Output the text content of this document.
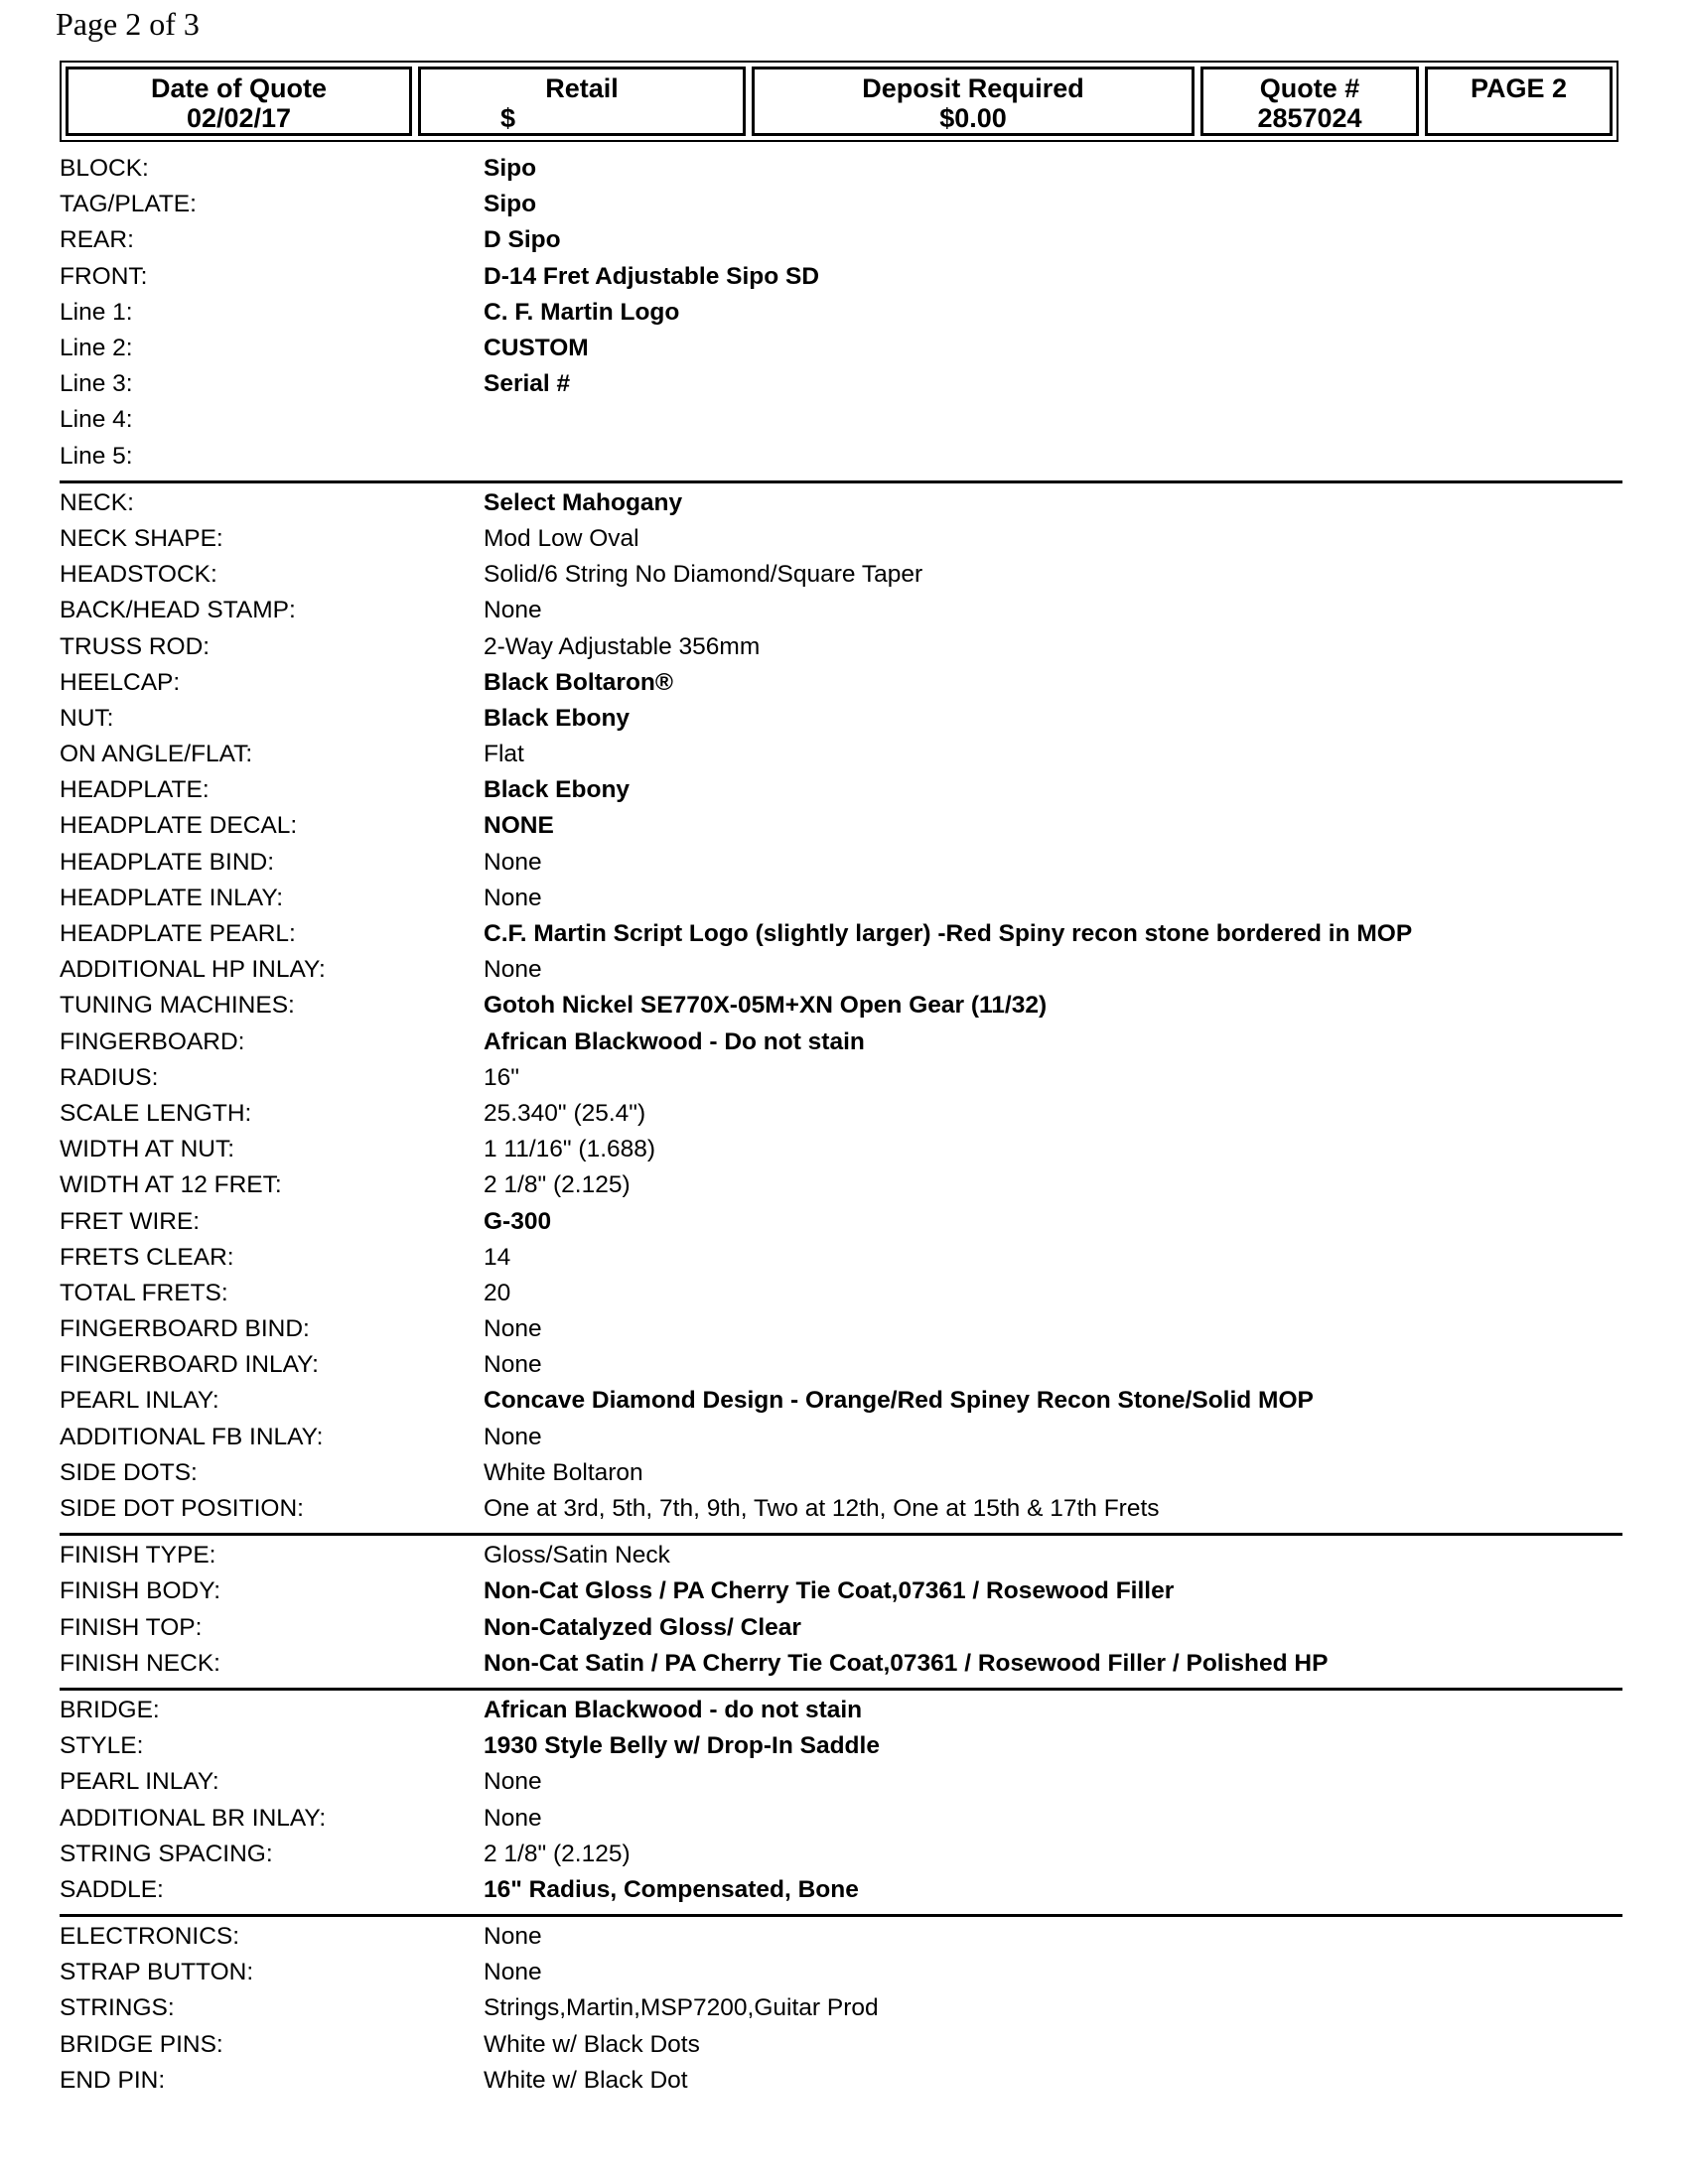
Page 2 of 3
Date of Quote
02/02/17
Retail
$
Deposit Required
$0.00
Quote #
2857024
PAGE 2
BLOCK:	Sipo
TAG/PLATE:	Sipo
REAR:	D Sipo
FRONT:	D-14 Fret Adjustable Sipo SD
Line 1:	C. F. Martin Logo
Line 2:	CUSTOM
Line 3:	Serial #
Line 4:
Line 5:
NECK:	Select Mahogany
NECK SHAPE:	Mod Low Oval
HEADSTOCK:	Solid/6 String No Diamond/Square Taper
BACK/HEAD STAMP:	None
TRUSS ROD:	2-Way Adjustable 356mm
HEELCAP:	Black Boltaron®
NUT:	Black Ebony
ON ANGLE/FLAT:	Flat
HEADPLATE:	Black Ebony
HEADPLATE DECAL:	NONE
HEADPLATE BIND:	None
HEADPLATE INLAY:	None
HEADPLATE PEARL:	C.F. Martin Script Logo (slightly larger) -Red Spiny recon stone bordered in MOP
ADDITIONAL HP INLAY:	None
TUNING MACHINES:	Gotoh Nickel SE770X-05M+XN Open Gear (11/32)
FINGERBOARD:	African Blackwood - Do not stain
RADIUS:	16"
SCALE LENGTH:	25.340" (25.4")
WIDTH AT NUT:	1 11/16" (1.688)
WIDTH AT 12 FRET:	2 1/8" (2.125)
FRET WIRE:	G-300
FRETS CLEAR:	14
TOTAL FRETS:	20
FINGERBOARD BIND:	None
FINGERBOARD INLAY:	None
PEARL INLAY:	Concave Diamond Design - Orange/Red Spiney Recon Stone/Solid MOP
ADDITIONAL FB INLAY:	None
SIDE DOTS:	White Boltaron
SIDE DOT POSITION:	One at 3rd, 5th, 7th, 9th, Two at 12th, One at 15th & 17th Frets
FINISH TYPE:	Gloss/Satin Neck
FINISH BODY:	Non-Cat Gloss / PA Cherry Tie Coat,07361 / Rosewood Filler
FINISH TOP:	Non-Catalyzed Gloss/ Clear
FINISH NECK:	Non-Cat Satin / PA Cherry Tie Coat,07361 / Rosewood Filler / Polished HP
BRIDGE:	African Blackwood - do not stain
STYLE:	1930 Style Belly w/ Drop-In Saddle
PEARL INLAY:	None
ADDITIONAL BR INLAY:	None
STRING SPACING:	2 1/8" (2.125)
SADDLE:	16" Radius, Compensated, Bone
ELECTRONICS:	None
STRAP BUTTON:	None
STRINGS:	Strings,Martin,MSP7200,Guitar Prod
BRIDGE PINS:	White w/ Black Dots
END PIN:	White w/ Black Dot
